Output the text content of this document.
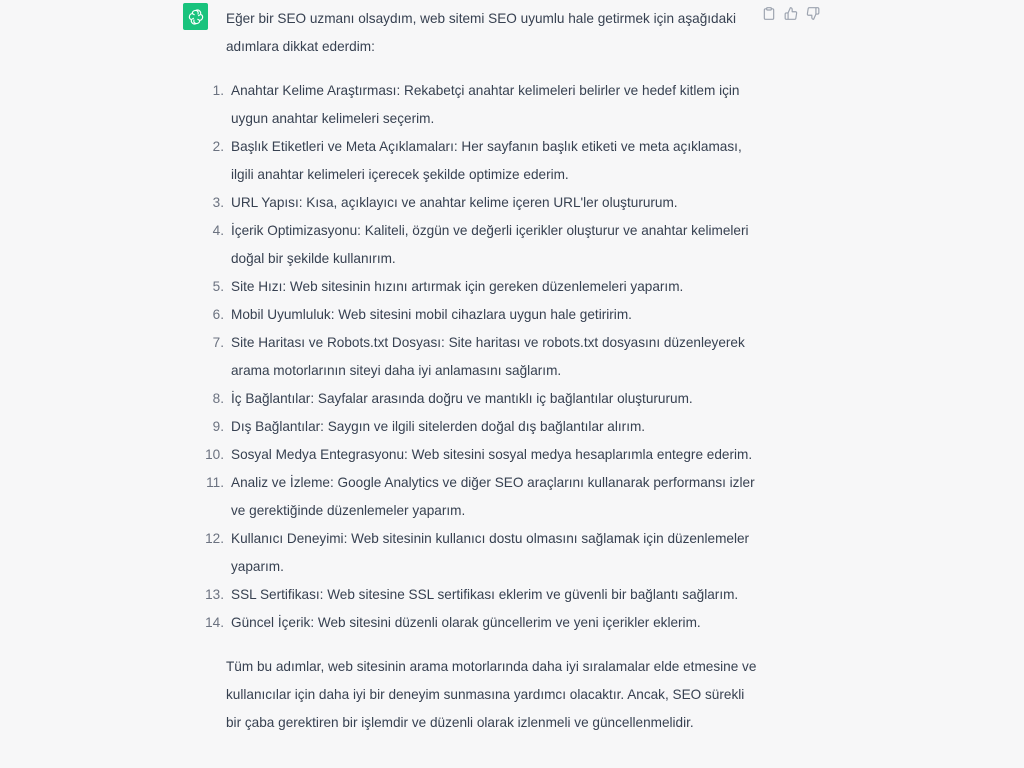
Eğer bir SEO uzmanı olsaydım, web sitemi SEO uyumlu hale getirmek için aşağıdaki adımlara dikkat ederdim:

1. Anahtar Kelime Araştırması: Rekabetçi anahtar kelimeleri belirler ve hedef kitlem için uygun anahtar kelimeleri seçerim.
2. Başlık Etiketleri ve Meta Açıklamaları: Her sayfanın başlık etiketi ve meta açıklaması, ilgili anahtar kelimeleri içerecek şekilde optimize ederim.
3. URL Yapısı: Kısa, açıklayıcı ve anahtar kelime içeren URL'ler oluştururum.
4. İçerik Optimizasyonu: Kaliteli, özgün ve değerli içerikler oluşturur ve anahtar kelimeleri doğal bir şekilde kullanırım.
5. Site Hızı: Web sitesinin hızını artırmak için gereken düzenlemeleri yaparım.
6. Mobil Uyumluluk: Web sitesini mobil cihazlara uygun hale getiririm.
7. Site Haritası ve Robots.txt Dosyası: Site haritası ve robots.txt dosyasını düzenleyerek arama motorlarının siteyi daha iyi anlamasını sağlarım.
8. İç Bağlantılar: Sayfalar arasında doğru ve mantıklı iç bağlantılar oluştururum.
9. Dış Bağlantılar: Saygın ve ilgili sitelerden doğal dış bağlantılar alırım.
10. Sosyal Medya Entegrasyonu: Web sitesini sosyal medya hesaplarımla entegre ederim.
11. Analiz ve İzleme: Google Analytics ve diğer SEO araçlarını kullanarak performansı izler ve gerektiğinde düzenlemeler yaparım.
12. Kullanıcı Deneyimi: Web sitesinin kullanıcı dostu olmasını sağlamak için düzenlemeler yaparım.
13. SSL Sertifikası: Web sitesine SSL sertifikası eklerim ve güvenli bir bağlantı sağlarım.
14. Güncel İçerik: Web sitesini düzenli olarak güncellerim ve yeni içerikler eklerim.

Tüm bu adımlar, web sitesinin arama motorlarında daha iyi sıralamalar elde etmesine ve kullanıcılar için daha iyi bir deneyim sunmasına yardımcı olacaktır. Ancak, SEO sürekli bir çaba gerektiren bir işlemdir ve düzenli olarak izlenmeli ve güncellenmelidir.
